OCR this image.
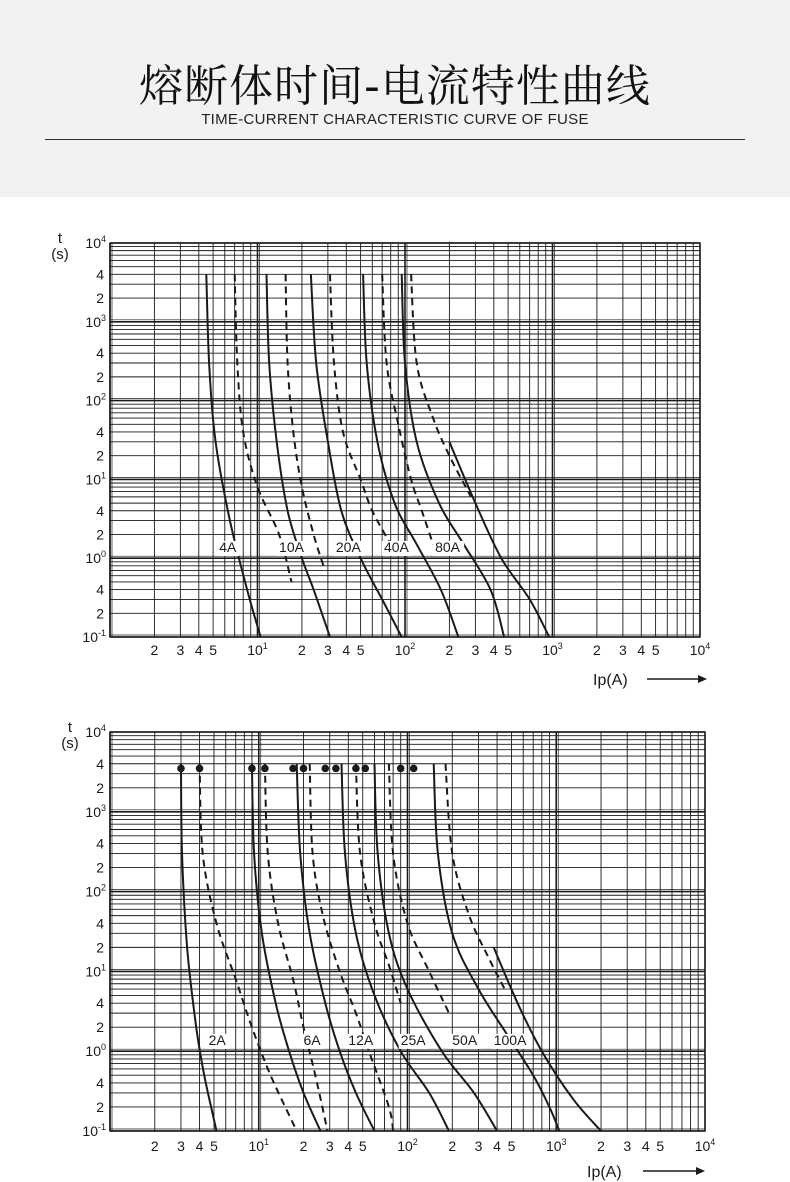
熔断体时间-电流特性曲线
TIME-CURRENT CHARACTERISTIC CURVE OF FUSE
$10^4$
4
2
$10^3$
4
2
$10^2$
4
2
$10^1$
4
2
$10^0$
4
2
$10^{-1}$
2 3 4 5 $10^1$ 2 3 4 5 $10^2$ 2 3 4 5 $10^3$ 2 3 4 5 $10^4$
t
(s)
Ip(A)
4A	10A 20A 40A 80A
$10^4$
4
2
$10^3$
4
2
$10^2$
4
2
$10^1$
4
2
$10^0$
4
2
$10^{-1}$
2 3 4 5 $10^1$ 2 3 4 5 $10^2$ 2 3 4 5 $10^3$ 2 3 4 5 $10^4$
t
(s)
Ip(A)
2A	6A 12A 25A 50A 100A
